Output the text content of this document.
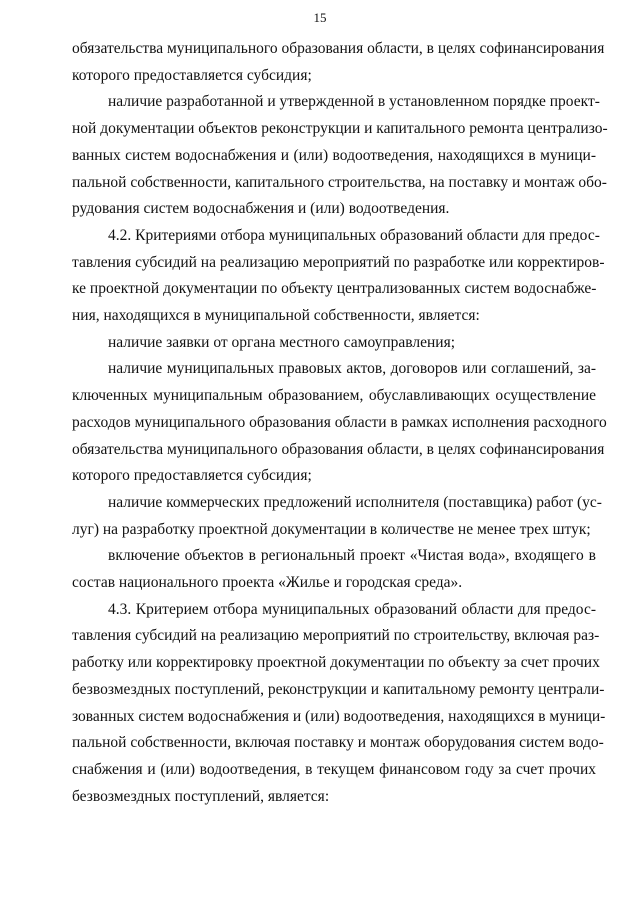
15
обязательства муниципального образования области, в целях софинансирования
которого предоставляется субсидия;
наличие разработанной и утвержденной в установленном порядке проект-
ной документации объектов реконструкции и капитального ремонта централизо-
ванных систем водоснабжения и (или) водоотведения, находящихся в муници-
пальной собственности, капитального строительства, на поставку и монтаж обо-
рудования систем водоснабжения и (или) водоотведения.
4.2. Критериями отбора муниципальных образований области для предос-
тавления субсидий на реализацию мероприятий по разработке или корректиров-
ке проектной документации по объекту централизованных систем водоснабже-
ния, находящихся в муниципальной собственности, является:
наличие заявки от органа местного самоуправления;
наличие муниципальных правовых актов, договоров или соглашений, за-
ключенных муниципальным образованием, обуславливающих осуществление
расходов муниципального образования области в рамках исполнения расходного
обязательства муниципального образования области, в целях софинансирования
которого предоставляется субсидия;
наличие коммерческих предложений исполнителя (поставщика) работ (ус-
луг) на разработку проектной документации в количестве не менее трех штук;
включение объектов в региональный проект «Чистая вода», входящего в
состав национального проекта «Жилье и городская среда».
4.3. Критерием отбора муниципальных образований области для предос-
тавления субсидий на реализацию мероприятий по строительству, включая раз-
работку или корректировку проектной документации по объекту за счет прочих
безвозмездных поступлений, реконструкции и капитальному ремонту централи-
зованных систем водоснабжения и (или) водоотведения, находящихся в муници-
пальной собственности, включая поставку и монтаж оборудования систем водо-
снабжения и (или) водоотведения, в текущем финансовом году за счет прочих
безвозмездных поступлений, является:
